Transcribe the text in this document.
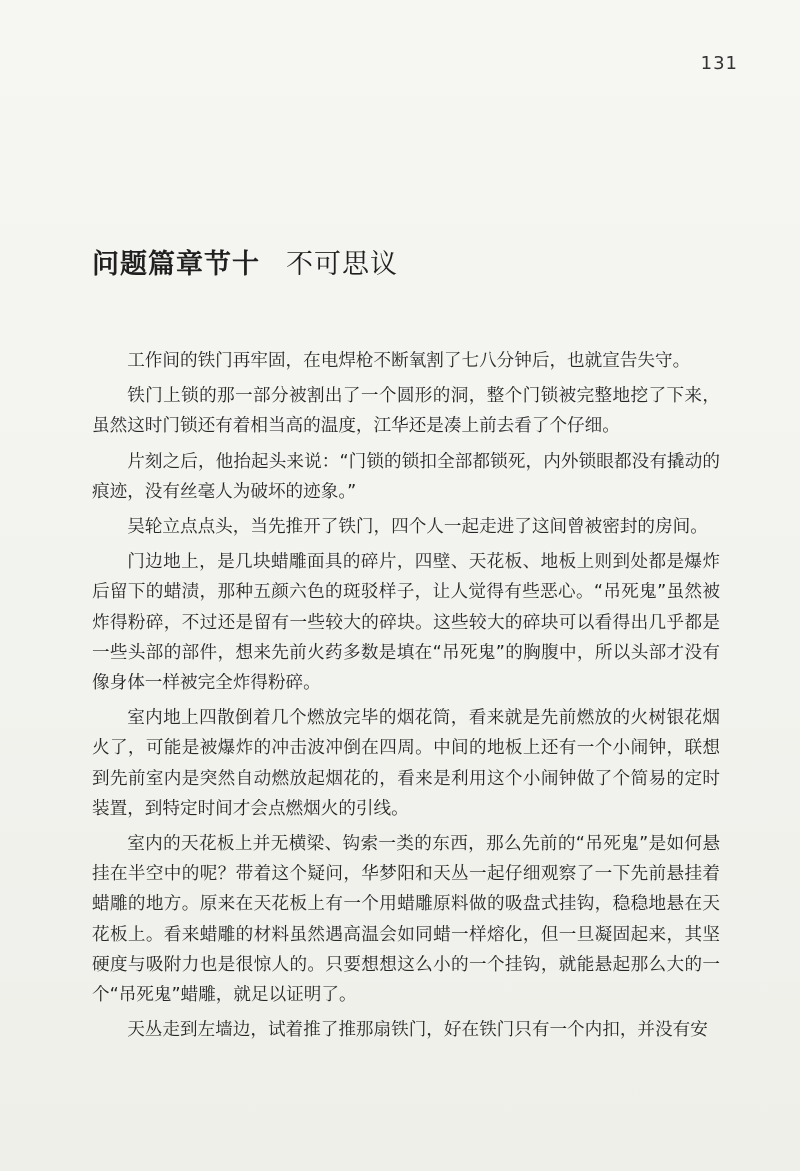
131
问题篇章节十 不可思议

工作间的铁门再牢固，在电焊枪不断氧割了七八分钟后，也就宣告失守。

铁门上锁的那一部分被割出了一个圆形的洞，整个门锁被完整地挖了下来，虽然这时门锁还有着相当高的温度，江华还是凑上前去看了个仔细。

片刻之后，他抬起头来说：“门锁的锁扣全部都锁死，内外锁眼都没有撬动的痕迹，没有丝毫人为破坏的迹象。”

吴轮立点点头，当先推开了铁门，四个人一起走进了这间曾被密封的房间。

门边地上，是几块蜡雕面具的碎片，四壁、天花板、地板上则到处都是爆炸后留下的蜡渍，那种五颜六色的斑驳样子，让人觉得有些恶心。“吊死鬼”虽然被炸得粉碎，不过还是留有一些较大的碎块。这些较大的碎块可以看得出几乎都是一些头部的部件，想来先前火药多数是填在“吊死鬼”的胸腹中，所以头部才没有像身体一样被完全炸得粉碎。

室内地上四散倒着几个燃放完毕的烟花筒，看来就是先前燃放的火树银花烟火了，可能是被爆炸的冲击波冲倒在四周。中间的地板上还有一个小闹钟，联想到先前室内是突然自动燃放起烟花的，看来是利用这个小闹钟做了个简易的定时装置，到特定时间才会点燃烟火的引线。

室内的天花板上并无横梁、钩索一类的东西，那么先前的“吊死鬼”是如何悬挂在半空中的呢？带着这个疑问，华梦阳和天丛一起仔细观察了一下先前悬挂着蜡雕的地方。原来在天花板上有一个用蜡雕原料做的吸盘式挂钩，稳稳地悬在天花板上。看来蜡雕的材料虽然遇高温会如同蜡一样熔化，但一旦凝固起来，其坚硬度与吸附力也是很惊人的。只要想想这么小的一个挂钩，就能悬起那么大的一个“吊死鬼”蜡雕，就足以证明了。

天丛走到左墙边，试着推了推那扇铁门，好在铁门只有一个内扣，并没有安
